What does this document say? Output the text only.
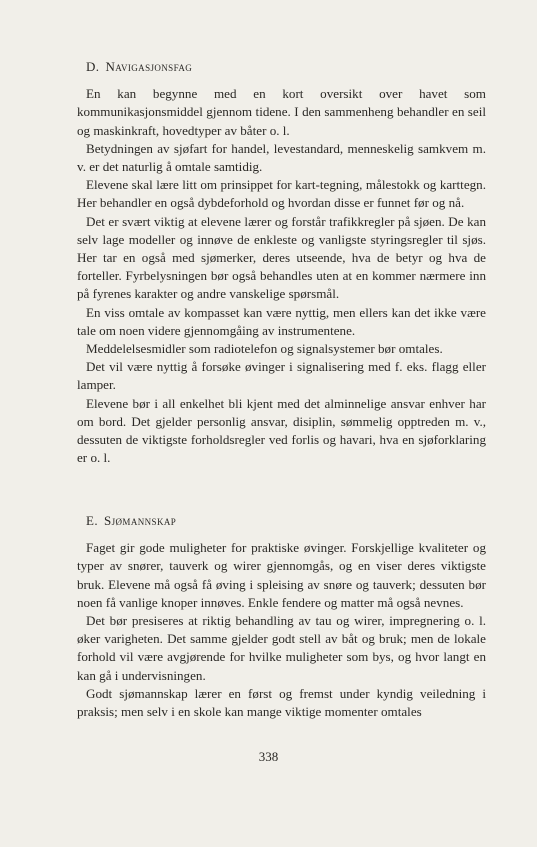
D. Navigasjonsfag

En kan begynne med en kort oversikt over havet som kommunikasjonsmiddel gjennom tidene. I den sammenheng behandler en seil og maskinkraft, hovedtyper av båter o. l.

Betydningen av sjøfart for handel, levestandard, menneskelig samkvem m. v. er det naturlig å omtale samtidig.

Elevene skal lære litt om prinsippet for kart-tegning, målestokk og karttegn. Her behandler en også dybdeforhold og hvordan disse er funnet før og nå.

Det er svært viktig at elevene lærer og forstår trafikkregler på sjøen. De kan selv lage modeller og innøve de enkleste og vanligste styringsregler til sjøs. Her tar en også med sjømerker, deres utseende, hva de betyr og hva de forteller. Fyrbelysningen bør også behandles uten at en kommer nærmere inn på fyrenes karakter og andre vanskelige spørsmål.

En viss omtale av kompasset kan være nyttig, men ellers kan det ikke være tale om noen videre gjennomgåing av instrumentene.

Meddelelsesmidler som radiotelefon og signalsystemer bør omtales.

Det vil være nyttig å forsøke øvinger i signalisering med f. eks. flagg eller lamper.

Elevene bør i all enkelhet bli kjent med det alminnelige ansvar enhver har om bord. Det gjelder personlig ansvar, disiplin, sømmelig opptreden m. v., dessuten de viktigste forholdsregler ved forlis og havari, hva en sjøforklaring er o. l.

E. Sjømannskap

Faget gir gode muligheter for praktiske øvinger. Forskjellige kvaliteter og typer av snører, tauverk og wirer gjennomgås, og en viser deres viktigste bruk. Elevene må også få øving i spleising av snøre og tauverk; dessuten bør noen få vanlige knoper innøves. Enkle fendere og matter må også nevnes.

Det bør presiseres at riktig behandling av tau og wirer, impregnering o. l. øker varigheten. Det samme gjelder godt stell av båt og bruk; men de lokale forhold vil være avgjørende for hvilke muligheter som bys, og hvor langt en kan gå i undervisningen.

Godt sjømannskap lærer en først og fremst under kyndig veiledning i praksis; men selv i en skole kan mange viktige momenter omtales

338
